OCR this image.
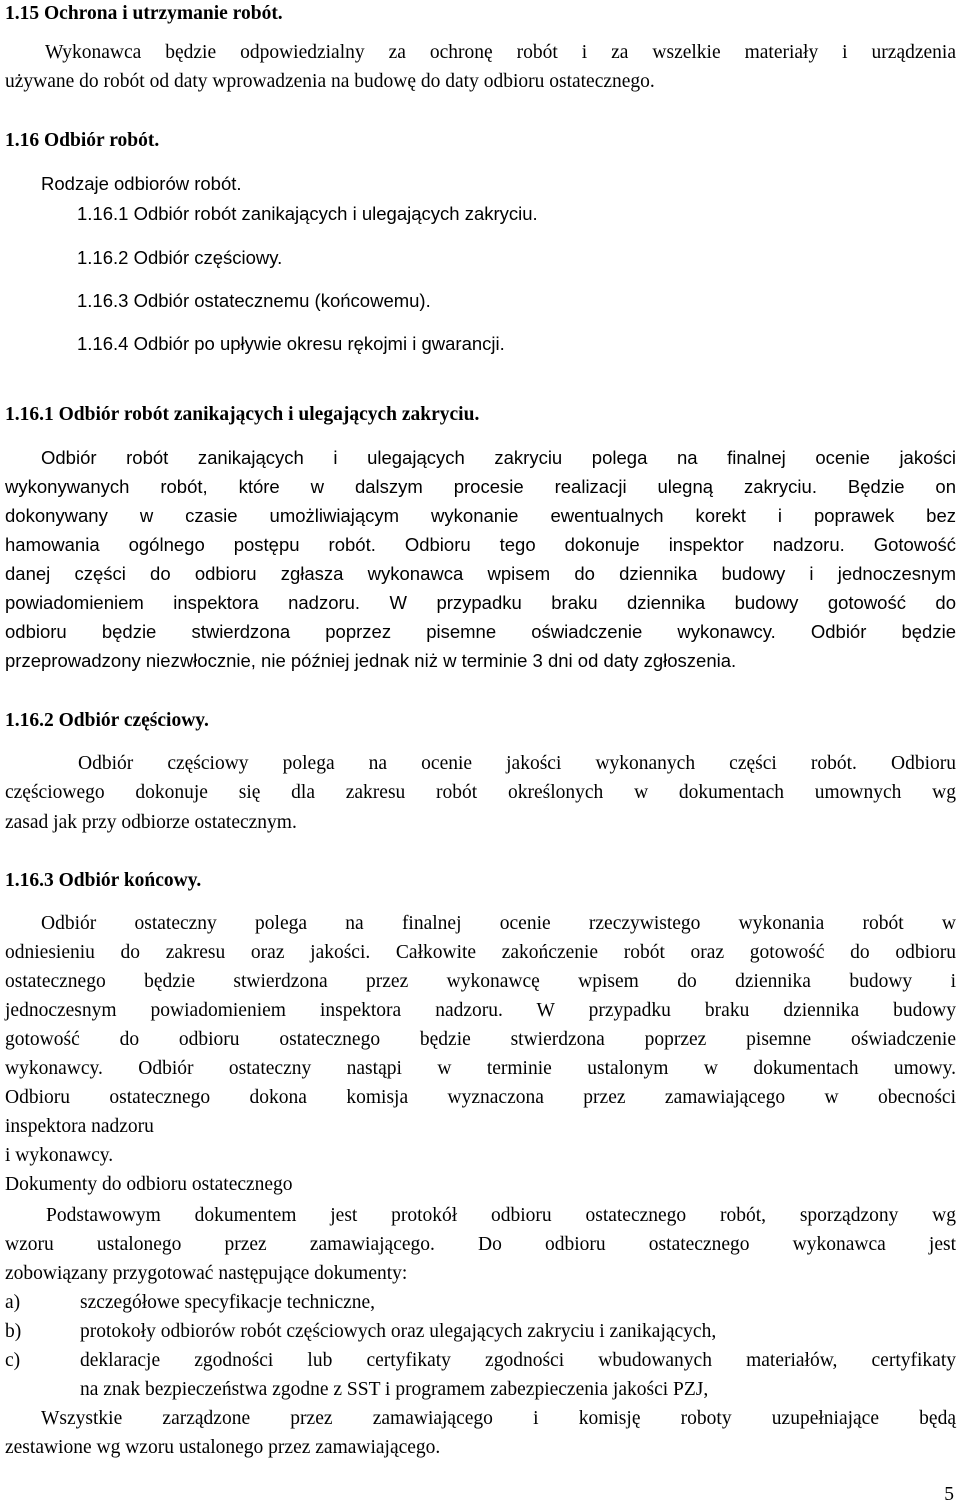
1.15 Ochrona i utrzymanie robót.
Wykonawca będzie odpowiedzialny za ochronę robót i za wszelkie materiały i urządzenia
używane do robót od daty wprowadzenia na budowę do daty odbioru ostatecznego.
1.16 Odbiór robót.
Rodzaje odbiorów robót.
1.16.1 Odbiór robót zanikających i ulegających zakryciu.
1.16.2 Odbiór częściowy.
1.16.3 Odbiór ostatecznemu (końcowemu).
1.16.4 Odbiór po upływie okresu rękojmi i gwarancji.
1.16.1 Odbiór robót zanikających i ulegających zakryciu.
Odbiór robót zanikających i ulegających zakryciu polega na finalnej ocenie jakości
wykonywanych robót, które w dalszym procesie realizacji ulegną zakryciu. Będzie on
dokonywany w czasie umożliwiającym wykonanie ewentualnych korekt i poprawek bez
hamowania ogólnego postępu robót. Odbioru tego dokonuje inspektor nadzoru. Gotowość
danej części do odbioru zgłasza wykonawca wpisem do dziennika budowy i jednoczesnym
powiadomieniem inspektora nadzoru. W przypadku braku dziennika budowy gotowość do
odbioru będzie stwierdzona poprzez pisemne oświadczenie wykonawcy. Odbiór będzie
przeprowadzony niezwłocznie, nie później jednak niż w terminie 3 dni od daty zgłoszenia.
1.16.2 Odbiór częściowy.
Odbiór częściowy polega na ocenie jakości wykonanych części robót. Odbioru
częściowego dokonuje się dla zakresu robót określonych w dokumentach umownych wg
zasad jak przy odbiorze ostatecznym.
1.16.3 Odbiór końcowy.
Odbiór ostateczny polega na finalnej ocenie rzeczywistego wykonania robót w
odniesieniu do zakresu oraz jakości. Całkowite zakończenie robót oraz gotowość do odbioru
ostatecznego będzie stwierdzona przez wykonawcę wpisem do dziennika budowy i
jednoczesnym powiadomieniem inspektora nadzoru. W przypadku braku dziennika budowy
gotowość do odbioru ostatecznego będzie stwierdzona poprzez pisemne oświadczenie
wykonawcy. Odbiór ostateczny nastąpi w terminie ustalonym w dokumentach umowy.
Odbioru ostatecznego dokona komisja wyznaczona przez zamawiającego w obecności
inspektora nadzoru
i wykonawcy.
Dokumenty do odbioru ostatecznego
Podstawowym dokumentem jest protokół odbioru ostatecznego robót, sporządzony wg
wzoru ustalonego przez zamawiającego. Do odbioru ostatecznego wykonawca jest
zobowiązany przygotować następujące dokumenty:
a)	szczegółowe specyfikacje techniczne,
b)	protokoły odbiorów robót częściowych oraz ulegających zakryciu i zanikających,
c)	deklaracje zgodności lub certyfikaty zgodności wbudowanych materiałów, certyfikaty
na znak bezpieczeństwa zgodne z SST i programem zabezpieczenia jakości PZJ,
Wszystkie zarządzone przez zamawiającego i komisję roboty uzupełniające będą
zestawione wg wzoru ustalonego przez zamawiającego.
5
